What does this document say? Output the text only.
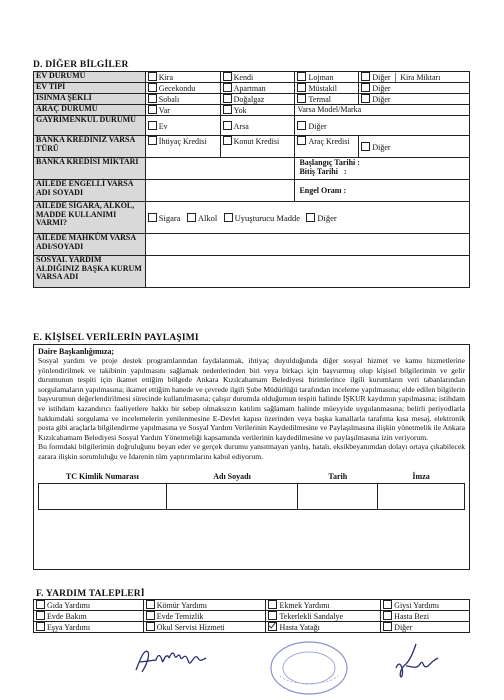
D. DİĞER BİLGİLER
EV DURUMU	Kira	Kendi	Lojman	Diğer │ Kira Miktarı
EV TİPİ	Gecekondu	Apartman	Müstakil	Diğer
ISINMA ŞEKLİ	Sobalı	Doğalgaz	Termal	Diğer
ARAÇ DURUMU	Var	Yok	Varsa Model/Marka	
GAYRİMENKUL DURUMU	Ev	Arsa	Diğer	
BANKA KREDİNİZ VARSA TÜRÜ	İhtiyaç Kredisi	Konut Kredisi	Araç Kredisi	Diğer
BANKA KREDİSİ MİKTARI			Başlangıç Tarihi :
Bitiş Tarihi   :	

AİLEDE ENGELLİ VARSA ADI SOYADI			Engel Oranı :	
AİLEDE SİGARA, ALKOL, MADDE KULLANIMI VARMI?	Sigara Alkol Uyuşturucu Madde Diğer			
AİLEDE MAHKÛM VARSA ADI/SOYADI				
SOSYAL YARDIM ALDIĞINIZ BAŞKA KURUM VARSA ADI				
E. KİŞİSEL VERİLERİN PAYLAŞIMI
Daire Başkanlığımıza;
Sosyal yardım ve proje destek programlarından faydalanmak, ihtiyaç duyulduğunda diğer sosyal hizmet ve kamu hizmetlerine yönlendirilmek ve takibinin yapılmasını sağlamak nedenlerinden biri veya birkaçı için başvurmuş olup kişisel bilgilerimin ve gelir durumunun tespiti için ikamet ettiğim bölgede Ankara Kızılcahamam Belediyesi birimlerince ilgili kurumların veri tabanlarından sorgulamaların yapılmasına; ikamet ettiğim hanede ve çevrede ilgili Şube Müdürlüğü tarafından inceleme yapılmasına; elde edilen bilgilerin başvurumun değerlendirilmesi sürecinde kullanılmasına; çalışır durumda olduğumun tespiti halinde İŞKUR kaydımın yapılmasına; istihdam ve istihdam kazandırıcı faaliyetlere hakkı bir sebep olmaksızın katılım sağlamam halinde müeyyide uygulanmasına; belirli periyodlarla hakkımdaki sorgulama ve incelemelerin yenilenmesine E-Devlet kapısı üzerinden veya başka kanallarla tarafıma kısa mesaj, elektronik posta gibi araçlarla bilgilendirme yapılmasına ve Sosyal Yardım Verilerinin Kaydedilmesine ve Paylaşılmasına ilişkin yönetmelik ile Ankara Kızılcahamam Belediyesi Sosyal Yardım Yönetmeliği kapsamında verilerinin kaydedilmesine ve paylaşılmasına izin veriyorum.
Bu formdaki bilgilerimin doğruluğunu beyan eder ve gerçek durumu yansıtmayan yanlış, hatalı, eksikbeyanımdan dolayı ortaya çıkabilecek zarara ilişkin sorumluluğu ve İdarenin tüm yaptırımlarını kabul ediyorum.
TC Kimlik Numarası	Adı Soyadı	Tarih	İmza

F. YARDIM TALEPLERİ
Gıda Yardımı	Kömür Yardımı	Ekmek Yardımı	Giysi Yardımı
Evde Bakım	Evde Temizlik	Tekerlekli Sandalye	Hasta Bezi
Eşya Yardımı	Okul Servisi Hizmeti	Hasta Yatağı	Diğer
